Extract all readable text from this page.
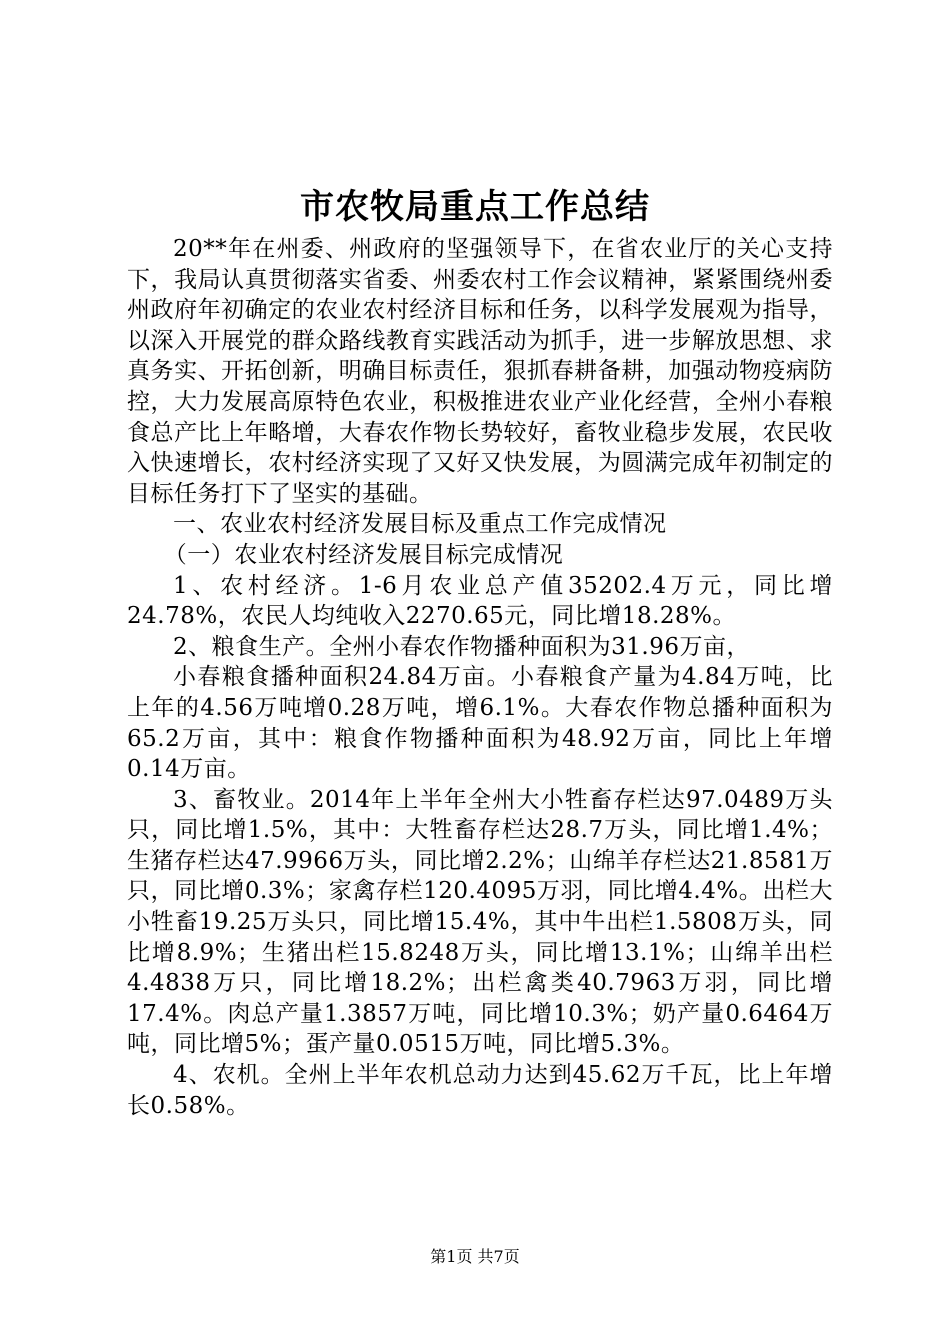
市农牧局重点工作总结

20**年在州委、州政府的坚强领导下，在省农业厅的关心支持下，我局认真贯彻落实省委、州委农村工作会议精神，紧紧围绕州委州政府年初确定的农业农村经济目标和任务，以科学发展观为指导，以深入开展党的群众路线教育实践活动为抓手，进一步解放思想、求真务实、开拓创新，明确目标责任，狠抓春耕备耕，加强动物疫病防控，大力发展高原特色农业，积极推进农业产业化经营，全州小春粮食总产比上年略增，大春农作物长势较好，畜牧业稳步发展，农民收入快速增长，农村经济实现了又好又快发展，为圆满完成年初制定的目标任务打下了坚实的基础。

一、农业农村经济发展目标及重点工作完成情况

（一）农业农村经济发展目标完成情况

1、农村经济。1-6月农业总产值35202.4万元，同比增24.78%，农民人均纯收入2270.65元，同比增18.28%。

2、粮食生产。全州小春农作物播种面积为31.96万亩，

小春粮食播种面积24.84万亩。小春粮食产量为4.84万吨，比上年的4.56万吨增0.28万吨，增6.1%。大春农作物总播种面积为65.2万亩，其中：粮食作物播种面积为48.92万亩，同比上年增0.14万亩。

3、畜牧业。2014年上半年全州大小牲畜存栏达97.0489万头只，同比增1.5%，其中：大牲畜存栏达28.7万头，同比增1.4%；生猪存栏达47.9966万头，同比增2.2%；山绵羊存栏达21.8581万只，同比增0.3%；家禽存栏120.4095万羽，同比增4.4%。出栏大小牲畜19.25万头只，同比增15.4%，其中牛出栏1.5808万头，同比增8.9%；生猪出栏15.8248万头，同比增13.1%；山绵羊出栏4.4838万只，同比增18.2%；出栏禽类40.7963万羽，同比增17.4%。肉总产量1.3857万吨，同比增10.3%；奶产量0.6464万吨，同比增5%；蛋产量0.0515万吨，同比增5.3%。

4、农机。全州上半年农机总动力达到45.62万千瓦，比上年增长0.58%。

第1页 共7页
